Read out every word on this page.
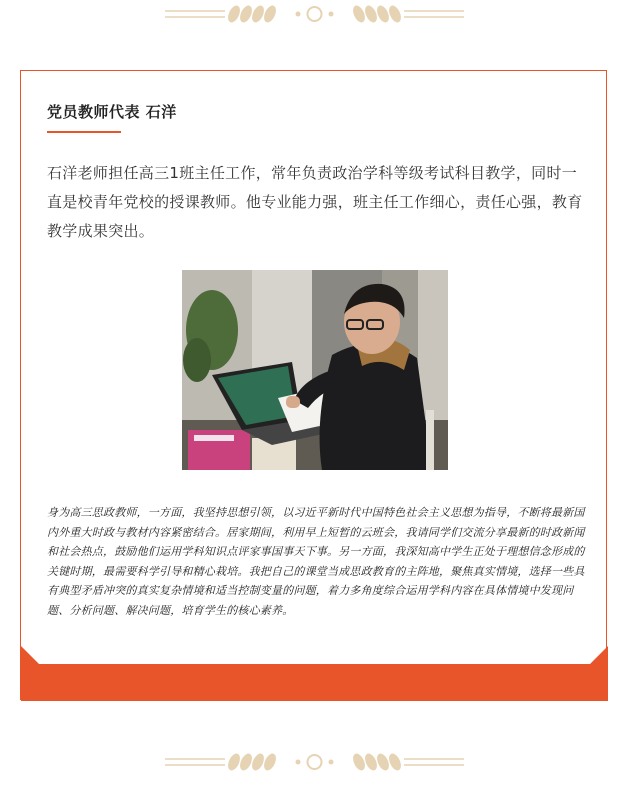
党员教师代表 石洋
石洋老师担任高三1班主任工作，常年负责政治学科等级考试科目教学，同时一直是校青年党校的授课教师。他专业能力强，班主任工作细心，责任心强，教育教学成果突出。
身为高三思政教师，一方面，我坚持思想引领，以习近平新时代中国特色社会主义思想为指导，不断将最新国内外重大时政与教材内容紧密结合。居家期间，利用早上短暂的云班会，我请同学们交流分享最新的时政新闻和社会热点，鼓励他们运用学科知识点评家事国事天下事。另一方面，我深知高中学生正处于理想信念形成的关键时期，最需要科学引导和精心栽培。我把自己的课堂当成思政教育的主阵地，聚焦真实情境，选择一些具有典型矛盾冲突的真实复杂情境和适当控制变量的问题，着力多角度综合运用学科内容在具体情境中发现问题、分析问题、解决问题，培育学生的核心素养。
